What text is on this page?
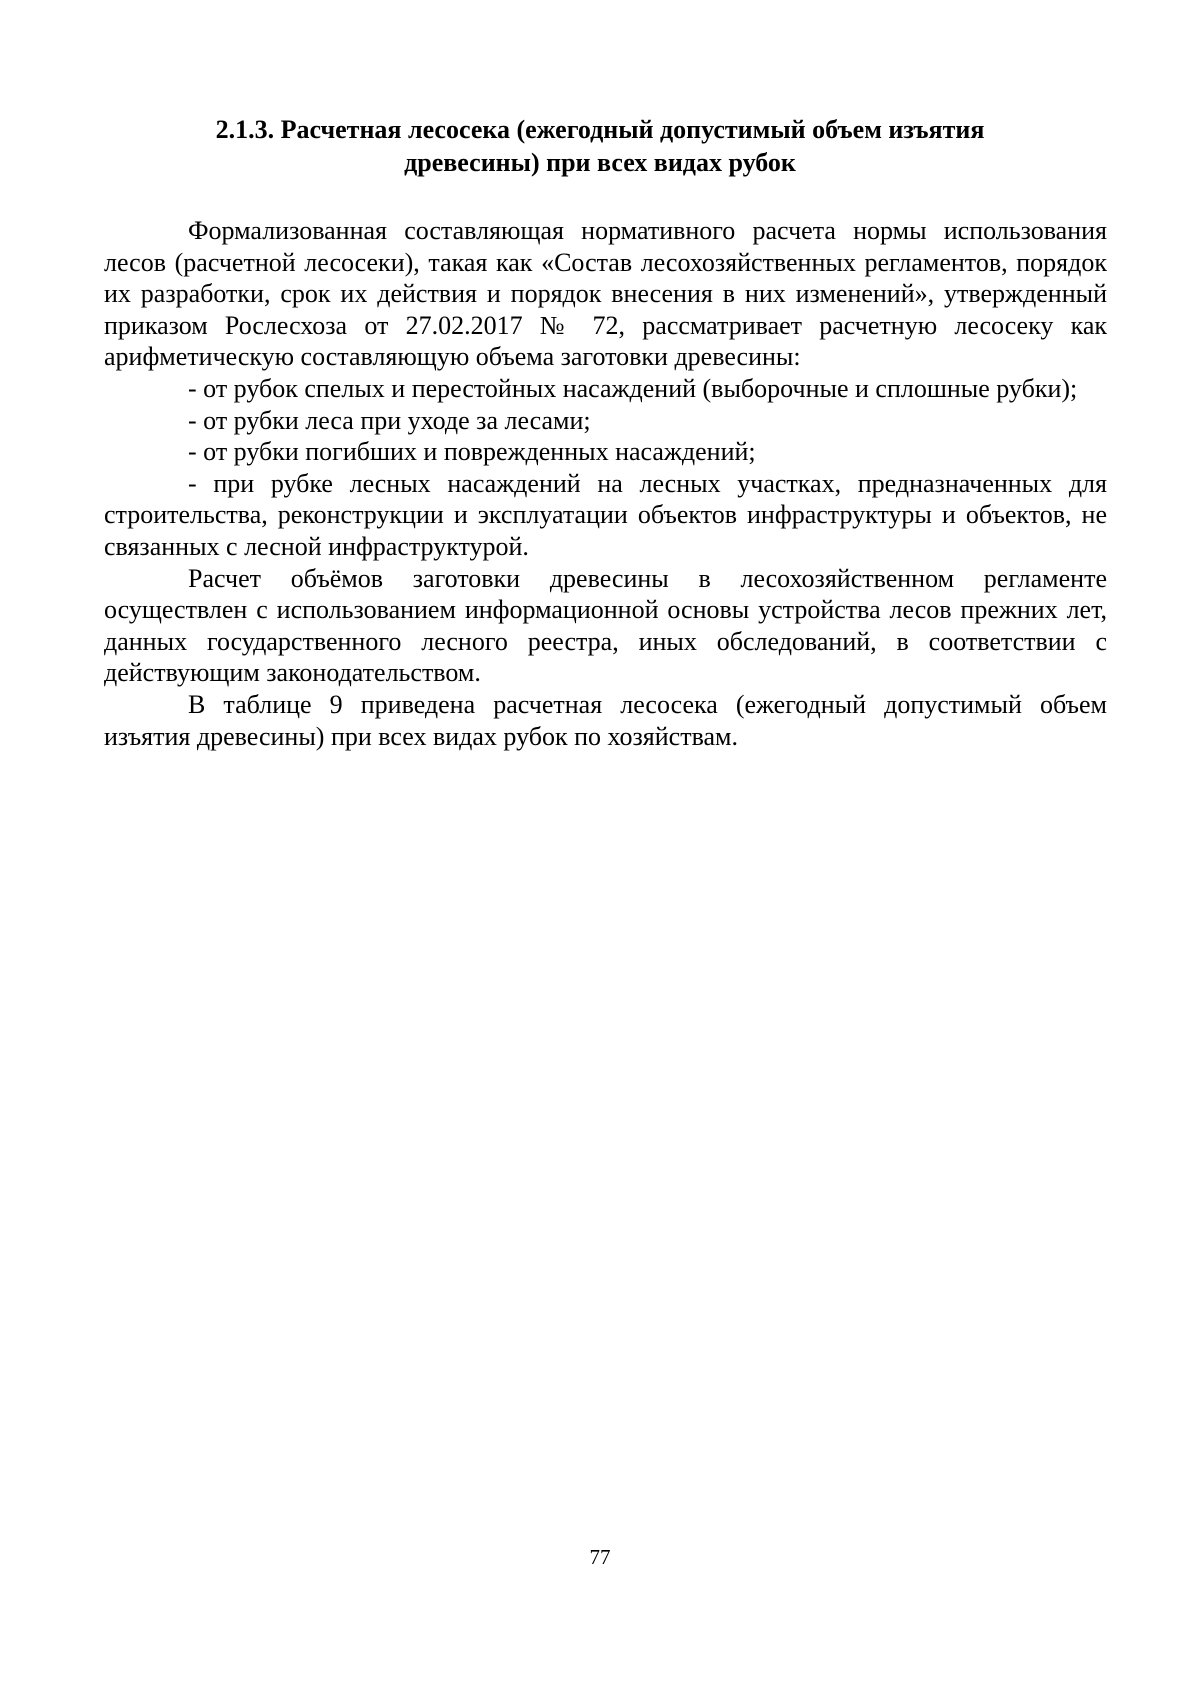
2.1.3. Расчетная лесосека (ежегодный допустимый объем изъятия
древесины) при всех видах рубок

Формализованная составляющая нормативного расчета нормы использования лесов (расчетной лесосеки), такая как «Состав лесохозяйственных регламентов, порядок их разработки, срок их действия и порядок внесения в них изменений», утвержденный приказом Рослесхоза от 27.02.2017 № 72, рассматривает расчетную лесосеку как арифметическую составляющую объема заготовки древесины:

- от рубок спелых и перестойных насаждений (выборочные и сплошные рубки);

- от рубки леса при уходе за лесами;

- от рубки погибших и поврежденных насаждений;

- при рубке лесных насаждений на лесных участках, предназначенных для строительства, реконструкции и эксплуатации объектов инфраструктуры и объектов, не связанных с лесной инфраструктурой.

Расчет объёмов заготовки древесины в лесохозяйственном регламенте осуществлен с использованием информационной основы устройства лесов прежних лет, данных государственного лесного реестра, иных обследований, в соответствии с действующим законодательством.

В таблице 9 приведена расчетная лесосека (ежегодный допустимый объем изъятия древесины) при всех видах рубок по хозяйствам.

77
